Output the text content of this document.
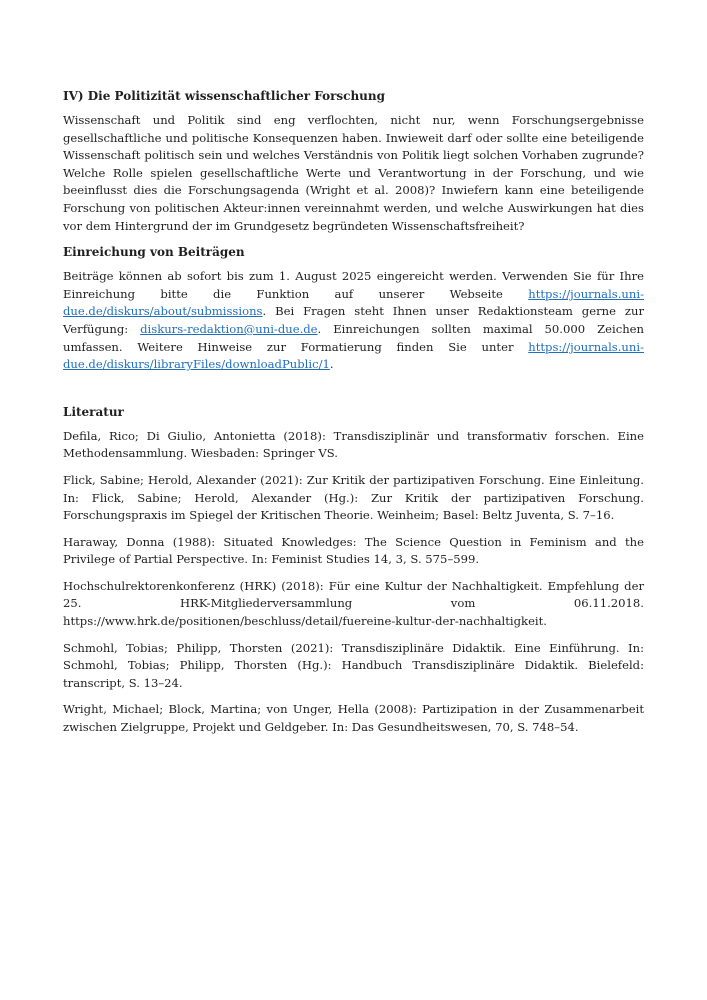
IV) Die Politizität wissenschaftlicher Forschung

Wissenschaft und Politik sind eng verflochten, nicht nur, wenn Forschungsergebnisse gesellschaftliche und politische Konsequenzen haben. Inwieweit darf oder sollte eine beteiligende Wissenschaft politisch sein und welches Verständnis von Politik liegt solchen Vorhaben zugrunde? Welche Rolle spielen gesellschaftliche Werte und Verantwortung in der Forschung, und wie beeinflusst dies die Forschungsagenda (Wright et al. 2008)? Inwiefern kann eine beteiligende Forschung von politischen Akteur:innen vereinnahmt werden, und welche Auswirkungen hat dies vor dem Hintergrund der im Grundgesetz begründeten Wissenschaftsfreiheit?

Einreichung von Beiträgen

Beiträge können ab sofort bis zum 1. August 2025 eingereicht werden. Verwenden Sie für Ihre Einreichung bitte die Funktion auf unserer Webseite https://journals.uni-due.de/diskurs/about/submissions. Bei Fragen steht Ihnen unser Redaktionsteam gerne zur Verfügung: diskurs-redaktion@uni-due.de. Einreichungen sollten maximal 50.000 Zeichen umfassen. Weitere Hinweise zur Formatierung finden Sie unter https://journals.uni-due.de/diskurs/libraryFiles/downloadPublic/1.

Literatur

Defila, Rico; Di Giulio, Antonietta (2018): Transdisziplinär und transformativ forschen. Eine Methodensammlung. Wiesbaden: Springer VS.

Flick, Sabine; Herold, Alexander (2021): Zur Kritik der partizipativen Forschung. Eine Einleitung. In: Flick, Sabine; Herold, Alexander (Hg.): Zur Kritik der partizipativen Forschung. Forschungspraxis im Spiegel der Kritischen Theorie. Weinheim; Basel: Beltz Juventa, S. 7–16.

Haraway, Donna (1988): Situated Knowledges: The Science Question in Feminism and the Privilege of Partial Perspective. In: Feminist Studies 14, 3, S. 575–599.

Hochschulrektorenkonferenz (HRK) (2018): Für eine Kultur der Nachhaltigkeit. Empfehlung der 25. HRK-Mitgliederversammlung vom 06.11.2018. https://www.hrk.de/positionen/beschluss/detail/fuereine-kultur-der-nachhaltigkeit.

Schmohl, Tobias; Philipp, Thorsten (2021): Transdisziplinäre Didaktik. Eine Einführung. In: Schmohl, Tobias; Philipp, Thorsten (Hg.): Handbuch Transdisziplinäre Didaktik. Bielefeld: transcript, S. 13–24.

Wright, Michael; Block, Martina; von Unger, Hella (2008): Partizipation in der Zusammenarbeit zwischen Zielgruppe, Projekt und Geldgeber. In: Das Gesundheitswesen, 70, S. 748–54.
